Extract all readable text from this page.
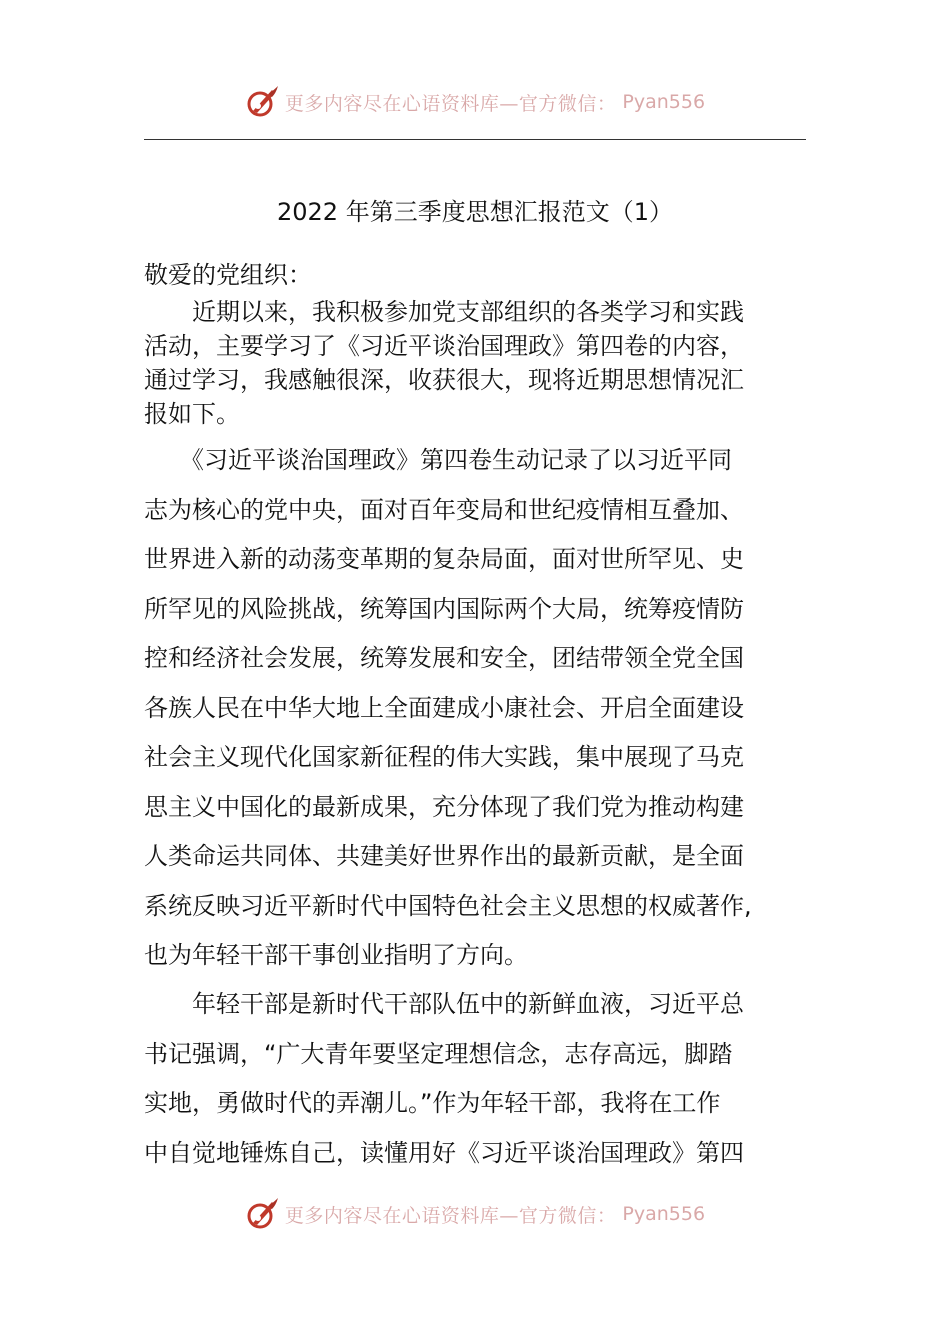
更多内容尽在心语资料库—官方微信： Pyan556
2022 年第三季度思想汇报范文（1）
敬爱的党组织：
　　近期以来，我积极参加党支部组织的各类学习和实践
活动，主要学习了《习近平谈治国理政》第四卷的内容，
通过学习，我感触很深，收获很大，现将近期思想情况汇
报如下。
　　《习近平谈治国理政》第四卷生动记录了以习近平同
志为核心的党中央，面对百年变局和世纪疫情相互叠加、
世界进入新的动荡变革期的复杂局面，面对世所罕见、史
所罕见的风险挑战，统筹国内国际两个大局，统筹疫情防
控和经济社会发展，统筹发展和安全，团结带领全党全国
各族人民在中华大地上全面建成小康社会、开启全面建设
社会主义现代化国家新征程的伟大实践，集中展现了马克
思主义中国化的最新成果，充分体现了我们党为推动构建
人类命运共同体、共建美好世界作出的最新贡献，是全面
系统反映习近平新时代中国特色社会主义思想的权威著作,
也为年轻干部干事创业指明了方向。
　　年轻干部是新时代干部队伍中的新鲜血液，习近平总
书记强调，“广大青年要坚定理想信念，志存高远，脚踏
实地，勇做时代的弄潮儿。”作为年轻干部，我将在工作
中自觉地锤炼自己，读懂用好《习近平谈治国理政》第四
更多内容尽在心语资料库—官方微信： Pyan556
